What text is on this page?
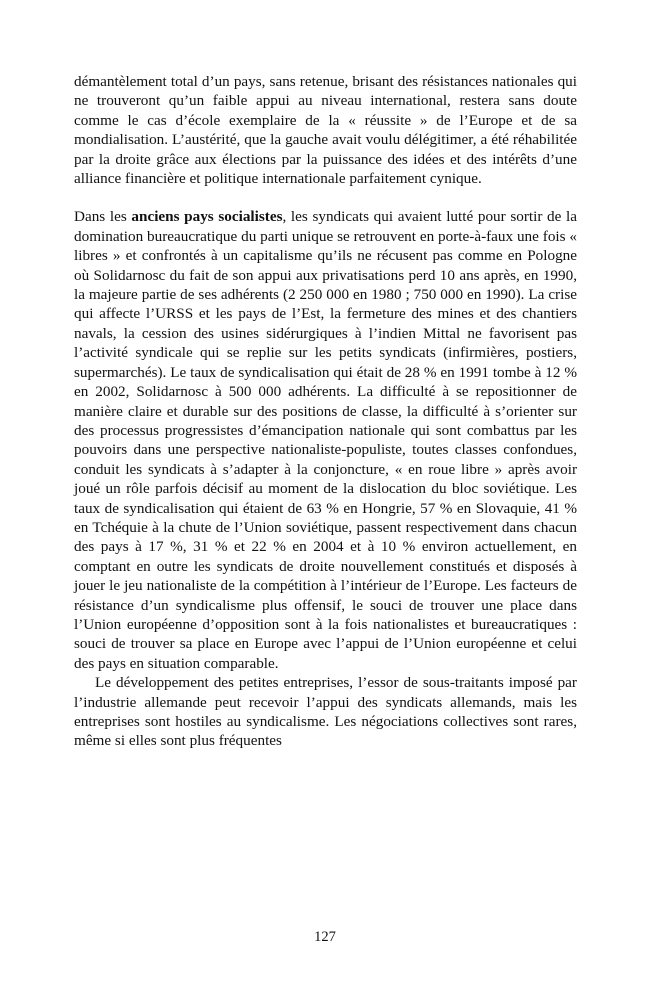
démantèlement total d’un pays, sans retenue, brisant des résistances nationales qui ne trouveront qu’un faible appui au niveau international, restera sans doute comme le cas d’école exemplaire de la « réussite » de l’Europe et de sa mondialisation. L’austérité, que la gauche avait voulu délégitimer, a été réhabilitée par la droite grâce aux élections par la puissance des idées et des intérêts d’une alliance financière et politique internationale parfaitement cynique.

Dans les anciens pays socialistes, les syndicats qui avaient lutté pour sortir de la domination bureaucratique du parti unique se retrouvent en porte-à-faux une fois « libres » et confrontés à un capitalisme qu’ils ne récusent pas comme en Pologne où Solidarnosc du fait de son appui aux privatisations perd 10 ans après, en 1990, la majeure partie de ses adhérents (2 250 000 en 1980 ; 750 000 en 1990). La crise qui affecte l’URSS et les pays de l’Est, la fermeture des mines et des chantiers navals, la cession des usines sidérurgiques à l’indien Mittal ne favorisent pas l’activité syndicale qui se replie sur les petits syndicats (infirmières, postiers, supermarchés). Le taux de syndicalisation qui était de 28 % en 1991 tombe à 12 % en 2002, Solidarnosc à 500 000 adhérents. La difficulté à se repositionner de manière claire et durable sur des positions de classe, la difficulté à s’orienter sur des processus progressistes d’émancipation nationale qui sont combattus par les pouvoirs dans une perspective nationaliste-populiste, toutes classes confondues, conduit les syndicats à s’adapter à la conjoncture, « en roue libre » après avoir joué un rôle parfois décisif au moment de la dislocation du bloc soviétique. Les taux de syndicalisation qui étaient de 63 % en Hongrie, 57 % en Slovaquie, 41 % en Tchéquie à la chute de l’Union soviétique, passent respectivement dans chacun des pays à 17 %, 31 % et 22 % en 2004 et à 10 % environ actuellement, en comptant en outre les syndicats de droite nouvellement constitués et disposés à jouer le jeu nationaliste de la compétition à l’intérieur de l’Europe. Les facteurs de résistance d’un syndicalisme plus offensif, le souci de trouver une place dans l’Union européenne d’opposition sont à la fois nationalistes et bureaucratiques : souci de trouver sa place en Europe avec l’appui de l’Union européenne et celui des pays en situation comparable.

Le développement des petites entreprises, l’essor de sous-traitants imposé par l’industrie allemande peut recevoir l’appui des syndicats allemands, mais les entreprises sont hostiles au syndicalisme. Les négociations collectives sont rares, même si elles sont plus fréquentes

127
